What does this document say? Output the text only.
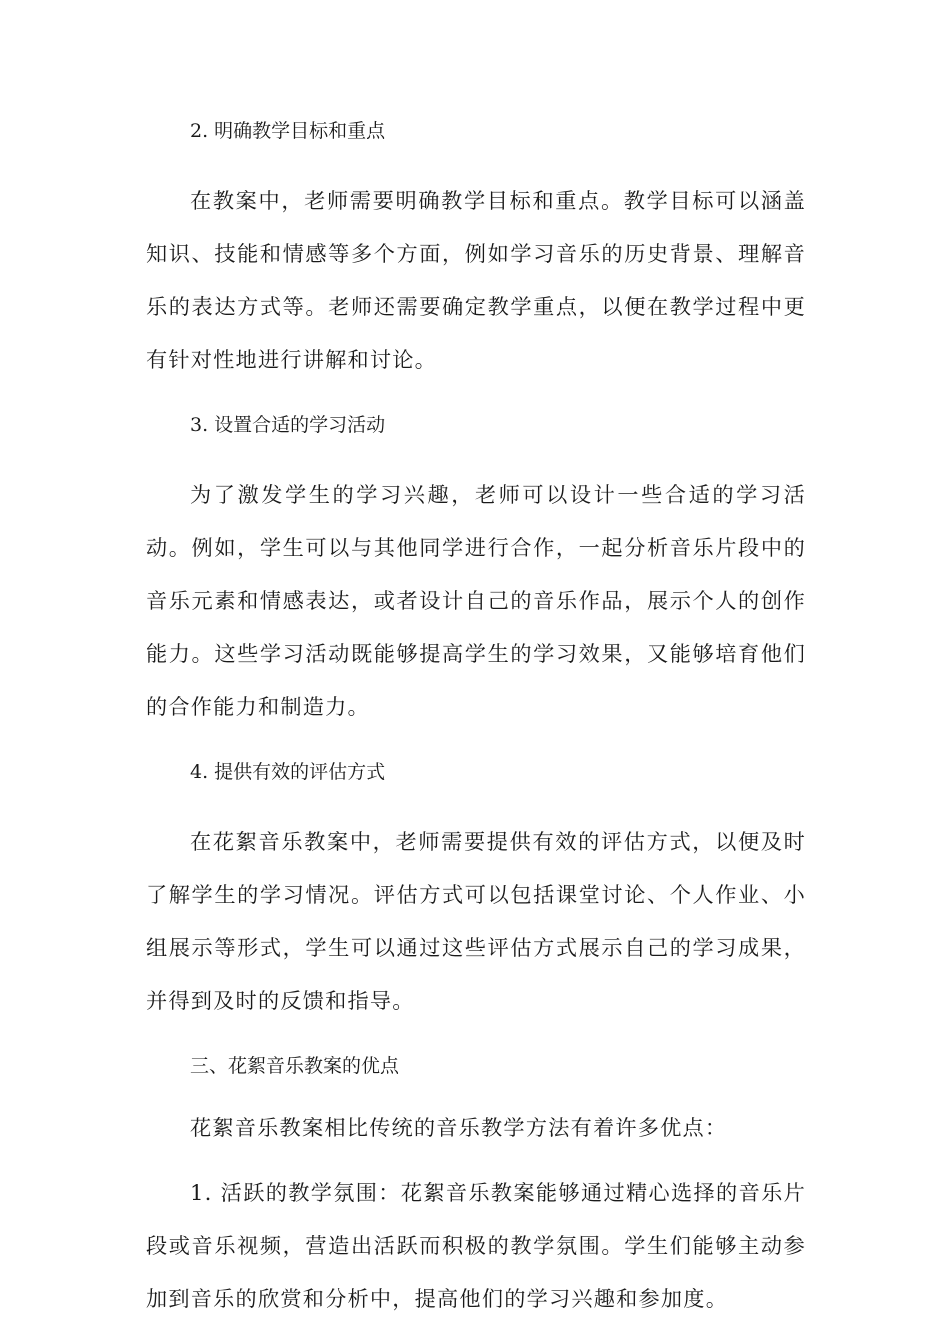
2. 明确教学目标和重点

在教案中，老师需要明确教学目标和重点。教学目标可以涵盖知识、技能和情感等多个方面，例如学习音乐的历史背景、理解音乐的表达方式等。老师还需要确定教学重点，以便在教学过程中更有针对性地进行讲解和讨论。

3. 设置合适的学习活动

为了激发学生的学习兴趣，老师可以设计一些合适的学习活动。例如，学生可以与其他同学进行合作，一起分析音乐片段中的音乐元素和情感表达，或者设计自己的音乐作品，展示个人的创作能力。这些学习活动既能够提高学生的学习效果，又能够培育他们的合作能力和制造力。

4. 提供有效的评估方式

在花絮音乐教案中，老师需要提供有效的评估方式，以便及时了解学生的学习情况。评估方式可以包括课堂讨论、个人作业、小组展示等形式，学生可以通过这些评估方式展示自己的学习成果，并得到及时的反馈和指导。

三、花絮音乐教案的优点

花絮音乐教案相比传统的音乐教学方法有着许多优点：

1. 活跃的教学氛围：花絮音乐教案能够通过精心选择的音乐片段或音乐视频，营造出活跃而积极的教学氛围。学生们能够主动参加到音乐的欣赏和分析中，提高他们的学习兴趣和参加度。
